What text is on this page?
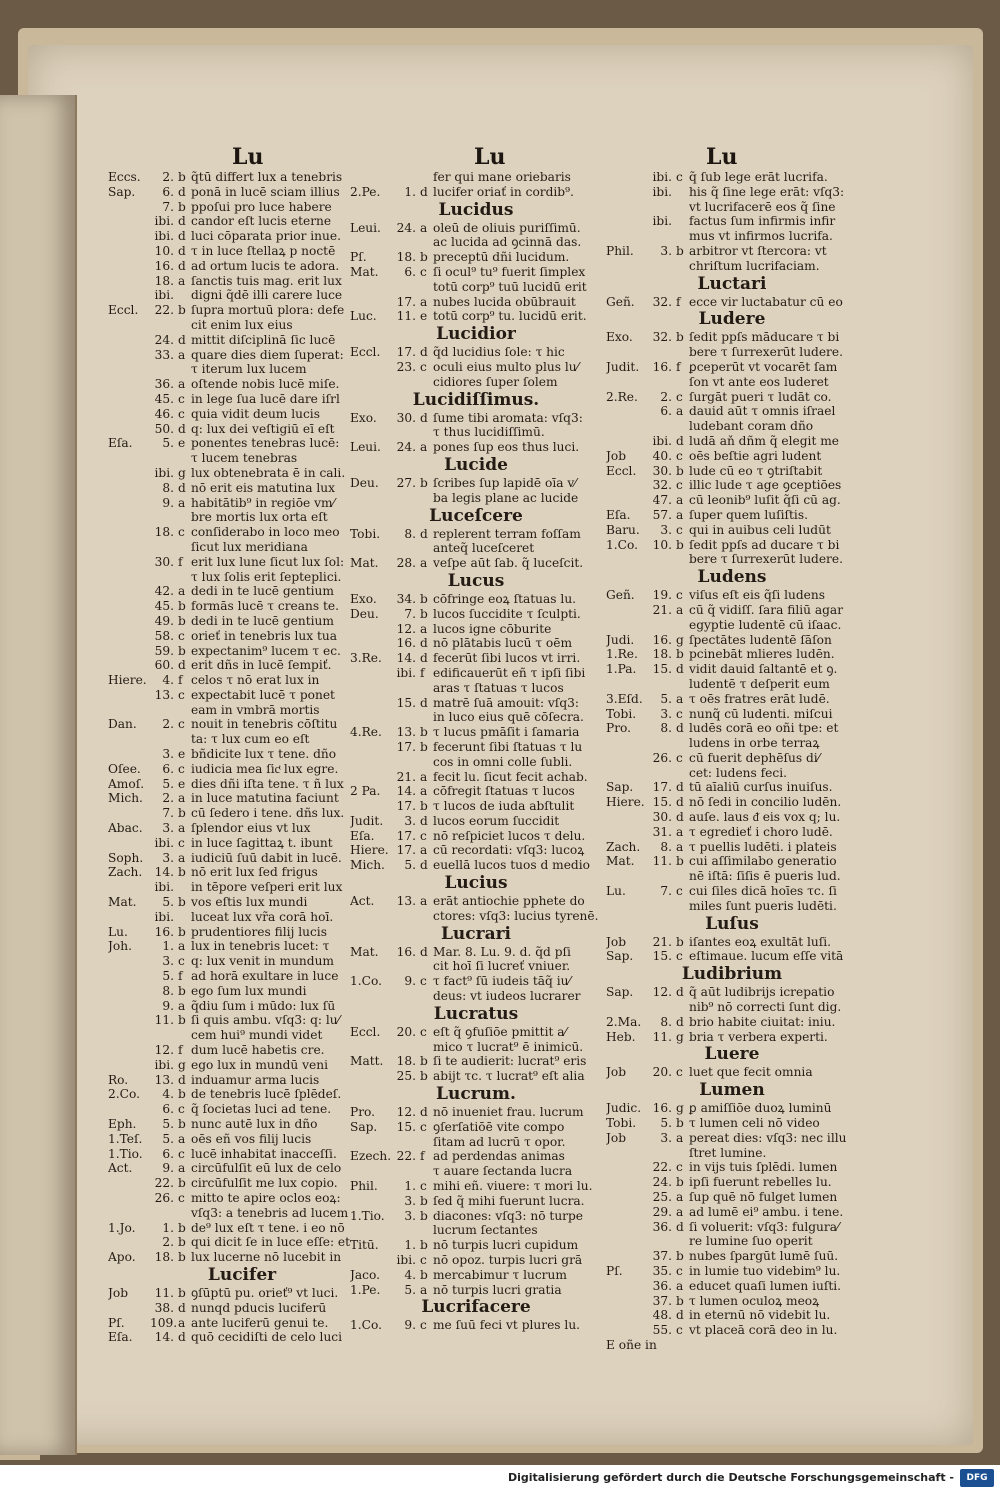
Lu	Lu	Lu
Eccs.	2. b q̃tū differt lux a tenebris
Sap.	6. d ponā in lucē sciam illius
7. b ppoſui pro luce habere
ibi. d candor eſt lucis eterne
ibi. d luci cōparata prior inue.
10. d τ in luce ſtellaꝝ p noctē
16. d ad ortum lucis te adora.
18. a ſanctis tuis mag. erit lux
ibi.	digni q̃dē illi carere luce
Eccl.	22. b ſupra mortuū plora: defe
cit enim lux eius
24. d mittit diſciplinā ſic lucē
33. a quare dies diem ſuperat:
τ iterum lux lucem
36. a oſtende nobis lucē miſe.
45. c in lege ſua lucē dare iſrl
46. c quia vidit deum lucis
50. d q: lux dei veſtigiū eī eſt
Eſa.	5. e ponentes tenebras lucē:
τ lucem tenebras
ibi. g lux obtenebrata ē in cali.
8. d nō erit eis matutina lux
9. a habitātib⁹ in regiōe vm⁄
bre mortis lux orta eſt
18. c conſiderabo in loco meo
ſicut lux meridiana
30. f erit lux lune ſicut lux ſol:
τ lux ſolis erit ſepteplici.
42. a dedi in te lucē gentium
45. b formās lucē τ creans te.
49. b dedi in te lucē gentium
58. c orieť in tenebris lux tua
59. b expectanim⁹ lucem τ ec.
60. d erit dñs in lucē ſempiť.
Hiere.	4. f celos τ nō erat lux in
13. c expectabit lucē τ ponet
eam in vmbrā mortis
Dan.	2. c nouit in tenebris cōſtitu
ta: τ lux cum eo eſt
3. e bñdicite lux τ tene. dño
Oſee.	6. c iudicia mea ſicͭ lux egre.
Amoſ.	5. e dies dñi iſta tene. τ ñ lux
Mich.	2. a in luce matutina faciunt
7. b cū ſedero i tene. dñs lux.
Abac.	3. a ſplendor eius vt lux
ibi. c in luce ſagittaꝝ t. ibunt
Soph.	3. a iudiciū ſuū dabit in lucē.
Zach.	14. b nō erit lux ſed frigus
ibi.	in tēpore veſperi erit lux
Mat.	5. b vos eſtis lux mundi
ibi.	luceat lux vr̃a corā hoī.
Lu.	16. b prudentiores filij lucis
Joh.	1. a lux in tenebris lucet: τ
3. c q: lux venit in mundum
5. f ad horā exultare in luce
8. b ego ſum lux mundi
9. a q̃diu ſum i mūdo: lux ſū
11. b ſi quis ambu. vſq3: q: lu⁄
cem hui⁹ mundi videt
12. f dum lucē habetis cre.
ibi. g ego lux in mundū veni
Ro.	13. d induamur arma lucis
2.Co.	4. b de tenebris lucē ſplēdeſ.
6. c q̃ ſocietas luci ad tene.
Eph.	5. b nunc autē lux in dño
1.Teſ.	5. a oēs eñ vos filij lucis
1.Tio.	6. c lucē inhabitat inacceſſi.
Act.	9. a circūfulſit eū lux de celo
22. b circūfulſit me lux copio.
26. c mitto te apire oclos eoꝝ:
vſq3: a tenebris ad lucem
1.Jo.	1. b de⁹ lux eſt τ tene. i eo nō
2. b qui dicit ſe in luce eſſe: et
Apo.	18. b lux lucerne nō lucebit in
Lucifer
Job	11. b ꝯſūptū pu. orieť⁹ vt luci.
38. d nunqd pducis luciferū
Pſ.	109. a ante luciferū genui te.
Eſa.	14. d quō cecidiſti de celo luci
fer qui mane oriebaris
2.Pe.	1. d lucifer oriať in cordib⁹.
Lucidus
Leui.	24. a oleū de oliuis puriſſimū.
ac lucida ad ꝯcinnā das.
Pſ.	18. b preceptū dñi lucidum.
Mat.	6. c ſi ocul⁹ tu⁹ fuerit ſimplex
totū corp⁹ tuū lucidū erit
17. a nubes lucida obūbrauit
Luc.	11. e totū corp⁹ tu. lucidū erit.
Lucidior
Eccl.	17. d q̃d lucidius ſole: τ hic
23. c oculi eius multo plus lu⁄
cidiores ſuper ſolem
Lucidiſſimus.
Exo.	30. d ſume tibi aromata: vſq3:
τ thus lucidiſſimū.
Leui.	24. a pones ſup eos thus luci.
Lucide
Deu.	27. b ſcribes ſup lapidē oīa v⁄
ba legis plane ac lucide
Luceſcere
Tobi.	8. d replerent terram foſſam
anteq̃ luceſceret
Mat.	28. a veſpe aūt ſab. q̃ luceſcit.
Lucus
Exo.	34. b cōfringe eoꝝ ſtatuas lu.
Deu.	7. b lucos ſuccidite τ ſculpti.
12. a lucos igne cōburite
16. d nō plātabis lucū τ oēm
3.Re.	14. d fecerūt ſibi lucos vt irri.
ibi. f edificauerūt eñ τ ipſi ſibi
aras τ ſtatuas τ lucos
15. d matrē ſuā amouit: vſq3:
in luco eius quē cōſecra.
4.Re.	13. b τ lucus pmāſit i ſamaria
17. b fecerunt ſibi ſtatuas τ lu
cos in omni colle ſubli.
21. a fecit lu. ſicut fecit achab.
2 Pa.	14. a cōfregit ſtatuas τ lucos
17. b τ lucos de iuda abſtulit
Judit.	3. d lucos eorum ſuccidit
Eſa.	17. c nō reſpiciet lucos τ delu.
Hiere. 17. a cū recordati: vſq3: lucoꝝ
Mich.	5. d euellā lucos tuos d medio
Lucius
Act.	13. a erāt antiochie pphete do
ctores: vſq3: lucius tyrenē.
Lucrari
Mat.	16. d Mar. 8. Lu. 9. d. q̃d pſi
cit hoī ſi lucreť vniuer.
1.Co.	9. c τ fact⁹ ſū iudeis tāq̃ iu⁄
deus: vt iudeos lucrarer
Lucratus
Eccl.	20. c eſt q̃ ꝯfuſiōe pmittit a⁄
mico τ lucrat⁹ ē inimicū.
Matt.	18. b ſi te audierit: lucrat⁹ eris
25. b abijt τc. τ lucrat⁹ eſt alia
Lucrum.
Pro.	12. d nō inueniet frau. lucrum
Sap.	15. c ꝯſerſatiōē vite compo
ſitam ad lucrū τ opor.
Ezech. 22. f ad perdendas animas
τ auare ſectanda lucra
Phil.	1. c mihi eñ. viuere: τ mori lu.
3. b ſed q̃ mihi fuerunt lucra.
1.Tio.	3. b diacones: vſq3: nō turpe
lucrum ſectantes
Titū.	1. b nō turpis lucri cupidum
ibi. c nō opoz. turpis lucri grā
Jaco.	4. b mercabimur τ lucrum
1.Pe.	5. a nō turpis lucri gratia
Lucrifacere
1.Co.	9. c me ſuū feci vt plures lu.
ibi. c q̃ ſub lege erāt lucrifa.
ibi.	his q̃ ſine lege erāt: vſq3:
vt lucrifacerē eos q̃ ſine
ibi.	factus ſum infirmis infir
mus vt infirmos lucrifa.
Phil.	3. b arbitror vt ſtercora: vt
chriſtum lucrifaciam.
Luctari
Geñ.	32. f ecce vir luctabatur cū eo
Ludere
Exo.	32. b ſedit ppſs māducare τ bi
bere τ ſurrexerūt ludere.
Judit.	16. f ꝑceperūt vt vocarēt ſam
ſon vt ante eos luderet
2.Re.	2. c ſurgāt pueri τ ludāt co.
6. a dauid aūt τ omnis iſrael
ludebant coram dño
ibi. d ludā aň dñm q̃ elegit me
Job	40. c oēs beſtie agri ludent
Eccl.	30. b lude cū eo τ ꝯtriſtabit
32. c illic lude τ age ꝯceptiōes
47. a cū leonib⁹ luſit q̃ſi cū ag.
Eſa.	57. a ſuper quem luſiſtis.
Baru.	3. c qui in auibus celi ludūt
1.Co.	10. b ſedit ppſs ad ducare τ bi
bere τ ſurrexerūt ludere.
Ludens
Geñ.	19. c viſus eſt eis q̃ſi ludens
21. a cū q̃ vidiſſ. ſara filiū agar
egyptie ludentē cū iſaac.
Judi.	16. g ſpectātes ludentē ſāſon
1.Re.	18. b pcinebāt mlieres ludēn.
1.Pa.	15. d vidit dauid ſaltantē et ꝯ.
ludentē τ deſperit eum
3.Eſd.	5. a τ oēs fratres erāt ludē.
Tobi.	3. c nunq̃ cū ludenti. miſcui
Pro.	8. d ludēs corā eo oñi tpe: et
ludens in orbe terraꝝ
26. c cū fuerit dephēſus di⁄
cet: ludens feci.
Sap.	17. d tū aīaliū curſus inuiſus.
Hiere. 15. d nō ſedi in concilio ludēn.
30. d auſe. laus ᵭ eis vox q; lu.
31. a τ egredieť i choro ludē.
Zach.	8. a τ puellis ludēti. i plateis
Mat.	11. b cui aſſimilabo generatio
nē iſtā: ſiſis ē pueris lud.
Lu.	7. c cui ſiles dicā hoīes τc. ſi
miles ſunt pueris ludēti.
Luſus
Job	21. b iſantes eoꝝ exultāt luſi.
Sap.	15. c eſtimaue. lucum eſſe vitā
Ludibrium
Sap.	12. d q̃ aūt ludibrijs icrepatio
nib⁹ nō correcti ſunt dig.
2.Ma.	8. d brio habite ciuitat: iniu.
Heb.	11. g bria τ verbera experti.
Luere
Job	20. c luet que fecit omnia
Lumen
Judic. 16. g ꝑ amiſſiōe duoꝝ luminū
Tobi.	5. b τ lumen celi nō video
Job	3. a pereat dies: vſq3: nec illu
ſtret lumine.
22. c in vijs tuis ſplēdi. lumen
24. b ipſi fuerunt rebelles lu.
25. a ſup quē nō fulget lumen
29. a ad lumē ei⁹ ambu. i tene.
36. d ſi voluerit: vſq3: fulgura⁄
re lumine ſuo operit
37. b nubes ſpargūt lumē ſuū.
Pſ.	35. c in lumie tuo videbim⁹ lu.
36. a educet quaſi lumen iuſti.
37. b τ lumen oculoꝝ meoꝝ
48. d in eternū nō videbit lu.
55. c vt placeā corā deo in lu.
E oñe in
Digitalisierung gefördert durch die Deutsche Forschungsgemeinschaft -	DFG
